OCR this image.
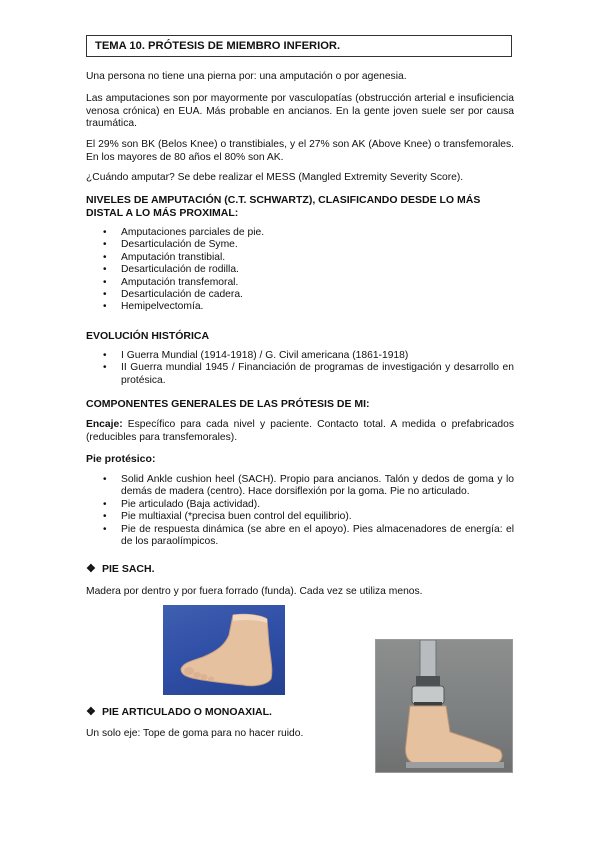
TEMA 10. PRÓTESIS DE MIEMBRO INFERIOR.

Una persona no tiene una pierna por: una amputación o por agenesia.

Las amputaciones son por mayormente por vasculopatías (obstrucción arterial e insuficiencia venosa crónica) en EUA. Más probable en ancianos. En la gente joven suele ser por causa traumática.

El 29% son BK (Belos Knee) o transtibiales, y el 27% son AK (Above Knee) o transfemorales. En los mayores de 80 años el 80% son AK.

¿Cuándo amputar? Se debe realizar el MESS (Mangled Extremity Severity Score).

NIVELES DE AMPUTACIÓN (C.T. SCHWARTZ), CLASIFICANDO DESDE LO MÁS DISTAL A LO MÁS PROXIMAL:
• Amputaciones parciales de pie.
• Desarticulación de Syme.
• Amputación transtibial.
• Desarticulación de rodilla.
• Amputación transfemoral.
• Desarticulación de cadera.
• Hemipelvectomía.
EVOLUCIÓN HISTÓRICA
• I Guerra Mundial (1914-1918) / G. Civil americana (1861-1918)
• II Guerra mundial 1945 / Financiación de programas de investigación y desarrollo en protésica.
COMPONENTES GENERALES DE LAS PRÓTESIS DE MI:

Encaje: Específico para cada nivel y paciente. Contacto total. A medida o prefabricados (reducibles para transfemorales).

Pie protésico:
• Solid Ankle cushion heel (SACH). Propio para ancianos. Talón y dedos de goma y lo demás de madera (centro). Hace dorsiflexión por la goma. Pie no articulado.
• Pie articulado (Baja actividad).
• Pie multiaxial (*precisa buen control del equilibrio).
• Pie de respuesta dinámica (se abre en el apoyo). Pies almacenadores de energía: el de los paraolímpicos.
❖ PIE SACH.

Madera por dentro y por fuera forrado (funda). Cada vez se utiliza menos.

❖ PIE ARTICULADO O MONOAXIAL.

Un solo eje: Tope de goma para no hacer ruido.
